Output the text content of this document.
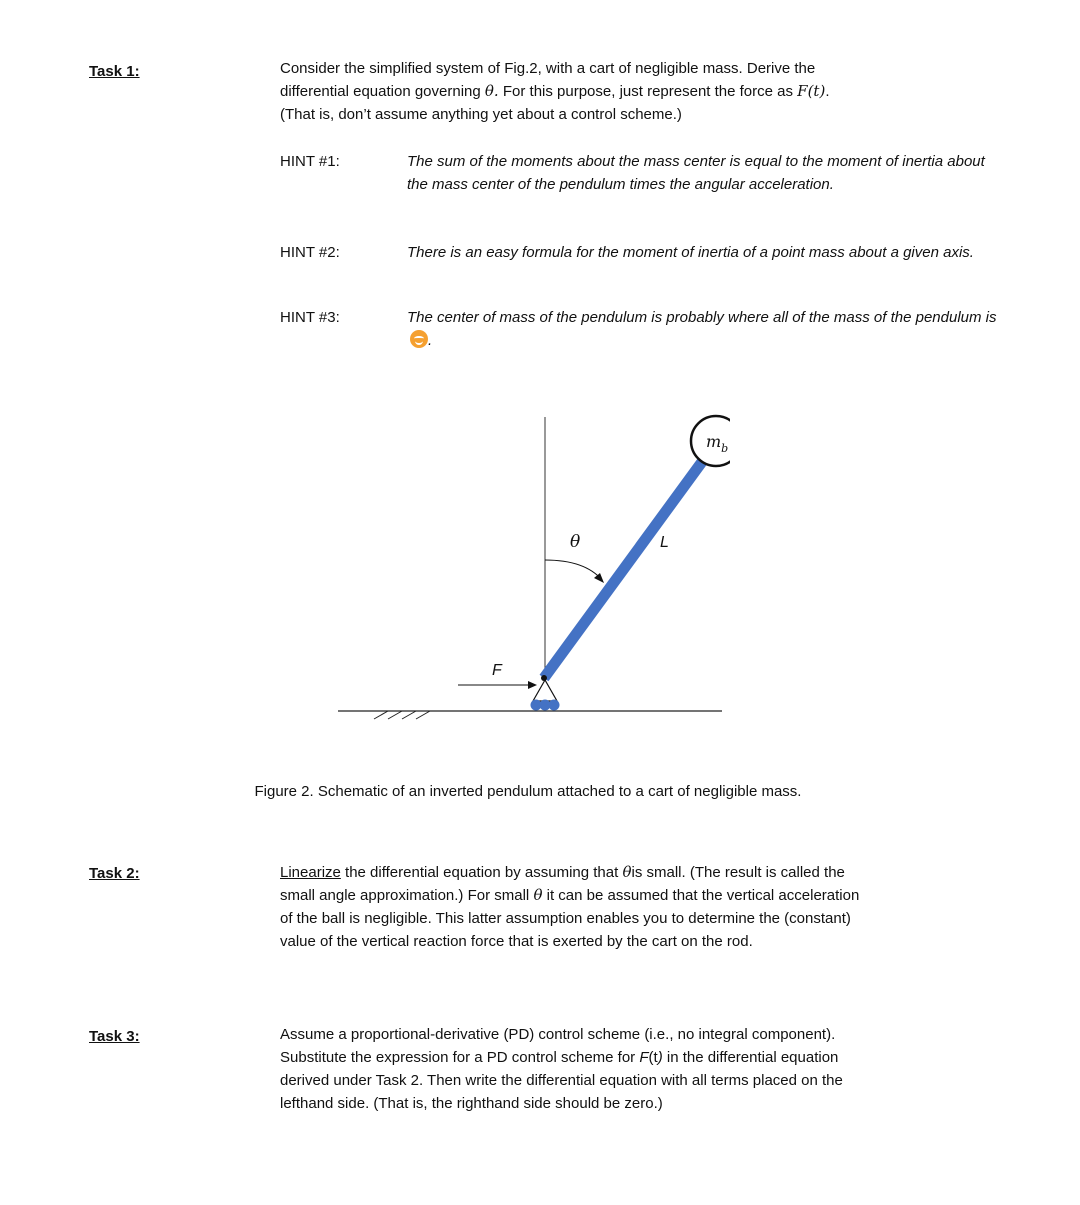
Task 1:	Consider the simplified system of Fig.2, with a cart of negligible mass. Derive the
differential equation governing θ. For this purpose, just represent the force as F(t).
(That is, don’t assume anything yet about a control scheme.)
HINT #1:	The sum of the moments about the mass center is equal to the moment of inertia about the mass center of the pendulum times the angular acceleration.
HINT #2:	There is an easy formula for the moment of inertia of a point mass about a given axis.
HINT #3:	The center of mass of the pendulum is probably where all of the mass of the pendulum is .
$m_b$
θ	L
F
Figure 2. Schematic of an inverted pendulum attached to a cart of negligible mass.
Task 2:	Linearize the differential equation by assuming that θis small. (The result is called the
small angle approximation.) For small θ it can be assumed that the vertical acceleration
of the ball is negligible. This latter assumption enables you to determine the (constant)
value of the vertical reaction force that is exerted by the cart on the rod.
Task 3:	Assume a proportional-derivative (PD) control scheme (i.e., no integral component).
Substitute the expression for a PD control scheme for F(t) in the differential equation
derived under Task 2. Then write the differential equation with all terms placed on the
lefthand side. (That is, the righthand side should be zero.)
